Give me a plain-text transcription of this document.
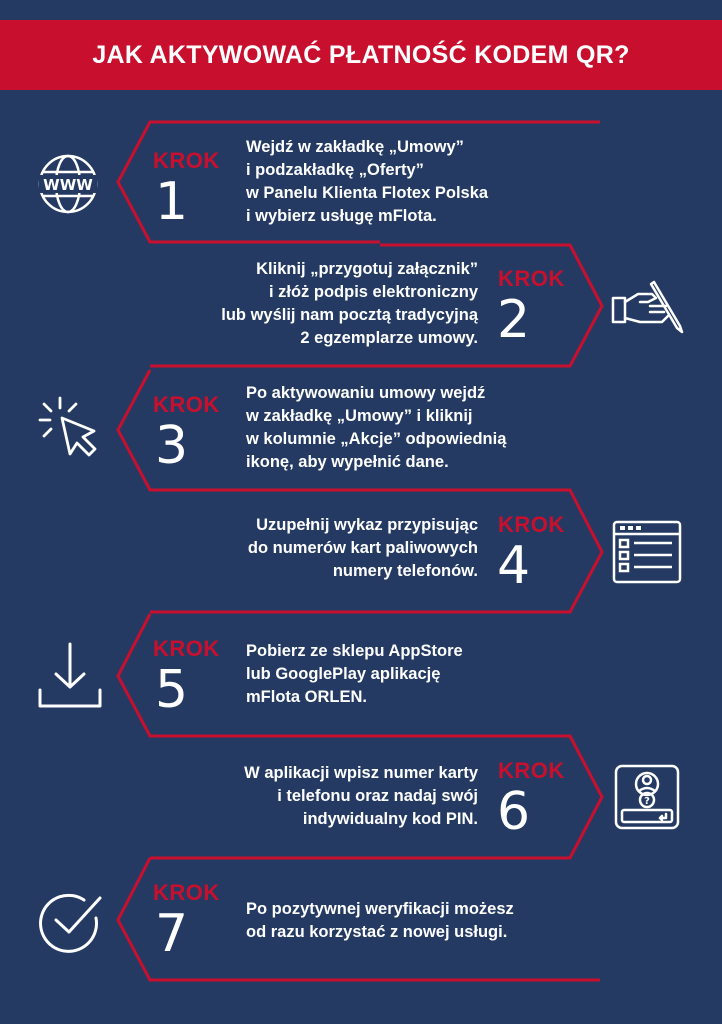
JAK AKTYWOWAĆ PŁATNOŚĆ KODEM QR?
KROK
1
Wejdź w zakładkę „Umowy”
i podzakładkę „Oferty”
w Panelu Klienta Flotex Polska
i wybierz usługę mFlota.
WWW
KROK
2
Kliknij „przygotuj załącznik”
i złóż podpis elektroniczny
lub wyślij nam pocztą tradycyjną
2 egzemplarze umowy.
KROK
3
Po aktywowaniu umowy wejdź
w zakładkę „Umowy” i kliknij
w kolumnie „Akcje” odpowiednią
ikonę, aby wypełnić dane.
KROK
4
Uzupełnij wykaz przypisując
do numerów kart paliwowych
numery telefonów.
KROK
5
Pobierz ze sklepu AppStore
lub GooglePlay aplikację
mFlota ORLEN.
KROK
6
W aplikacji wpisz numer karty
i telefonu oraz nadaj swój
indywidualny kod PIN.
?
KROK
7	Po pozytywnej weryfikacji możesz
od razu korzystać z nowej usługi.
